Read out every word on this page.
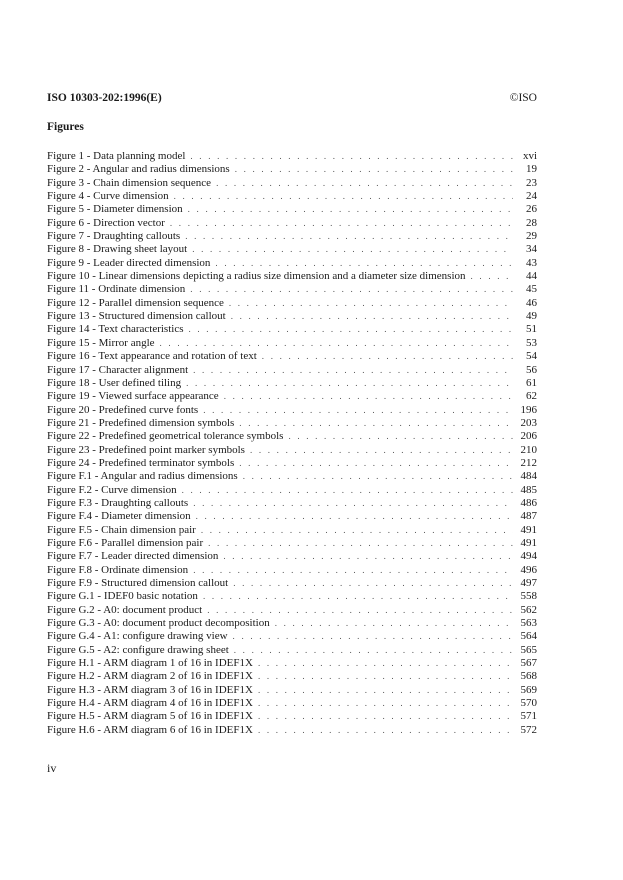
ISO 10303-202:1996(E)	©ISO
Figures
Figure 1 - Data planning model . . .	xvi
Figure 2 - Angular and radius dimensions . . .	19
Figure 3 - Chain dimension sequence . . .	23
Figure 4 - Curve dimension . . .	24
Figure 5 - Diameter dimension . . .	26
Figure 6 - Direction vector . . .	28
Figure 7 - Draughting callouts . . .	29
Figure 8 - Drawing sheet layout . . .	34
Figure 9 - Leader directed dimension . . .	43
Figure 10 - Linear dimensions depicting a radius size dimension and a diameter size dimension . . .	44
Figure 11 - Ordinate dimension . . .	45
Figure 12 - Parallel dimension sequence . . .	46
Figure 13 - Structured dimension callout . . .	49
Figure 14 - Text characteristics . . .	51
Figure 15 - Mirror angle . . .	53
Figure 16 - Text appearance and rotation of text . . .	54
Figure 17 - Character alignment . . .	56
Figure 18 - User defined tiling . . .	61
Figure 19 - Viewed surface appearance . . .	62
Figure 20 - Predefined curve fonts . . .	196
Figure 21 - Predefined dimension symbols . . .	203
Figure 22 - Predefined geometrical tolerance symbols . . .	206
Figure 23 - Predefined point marker symbols . . .	210
Figure 24 - Predefined terminator symbols . . .	212
Figure F.1 - Angular and radius dimensions . . .	484
Figure F.2 - Curve dimension . . .	485
Figure F.3 - Draughting callouts . . .	486
Figure F.4 - Diameter dimension . . .	487
Figure F.5 - Chain dimension pair . . .	491
Figure F.6 - Parallel dimension pair . . .	491
Figure F.7 - Leader directed dimension . . .	494
Figure F.8 - Ordinate dimension . . .	496
Figure F.9 - Structured dimension callout . . .	497
Figure G.1 - IDEF0 basic notation . . .	558
Figure G.2 - A0: document product . . .	562
Figure G.3 - A0: document product decomposition . . .	563
Figure G.4 - A1: configure drawing view . . .	564
Figure G.5 - A2: configure drawing sheet . . .	565
Figure H.1 - ARM diagram 1 of 16 in IDEF1X . . .	567
Figure H.2 - ARM diagram 2 of 16 in IDEF1X . . .	568
Figure H.3 - ARM diagram 3 of 16 in IDEF1X . . .	569
Figure H.4 - ARM diagram 4 of 16 in IDEF1X . . .	570
Figure H.5 - ARM diagram 5 of 16 in IDEF1X . . .	571
Figure H.6 - ARM diagram 6 of 16 in IDEF1X . . .	572
iv
